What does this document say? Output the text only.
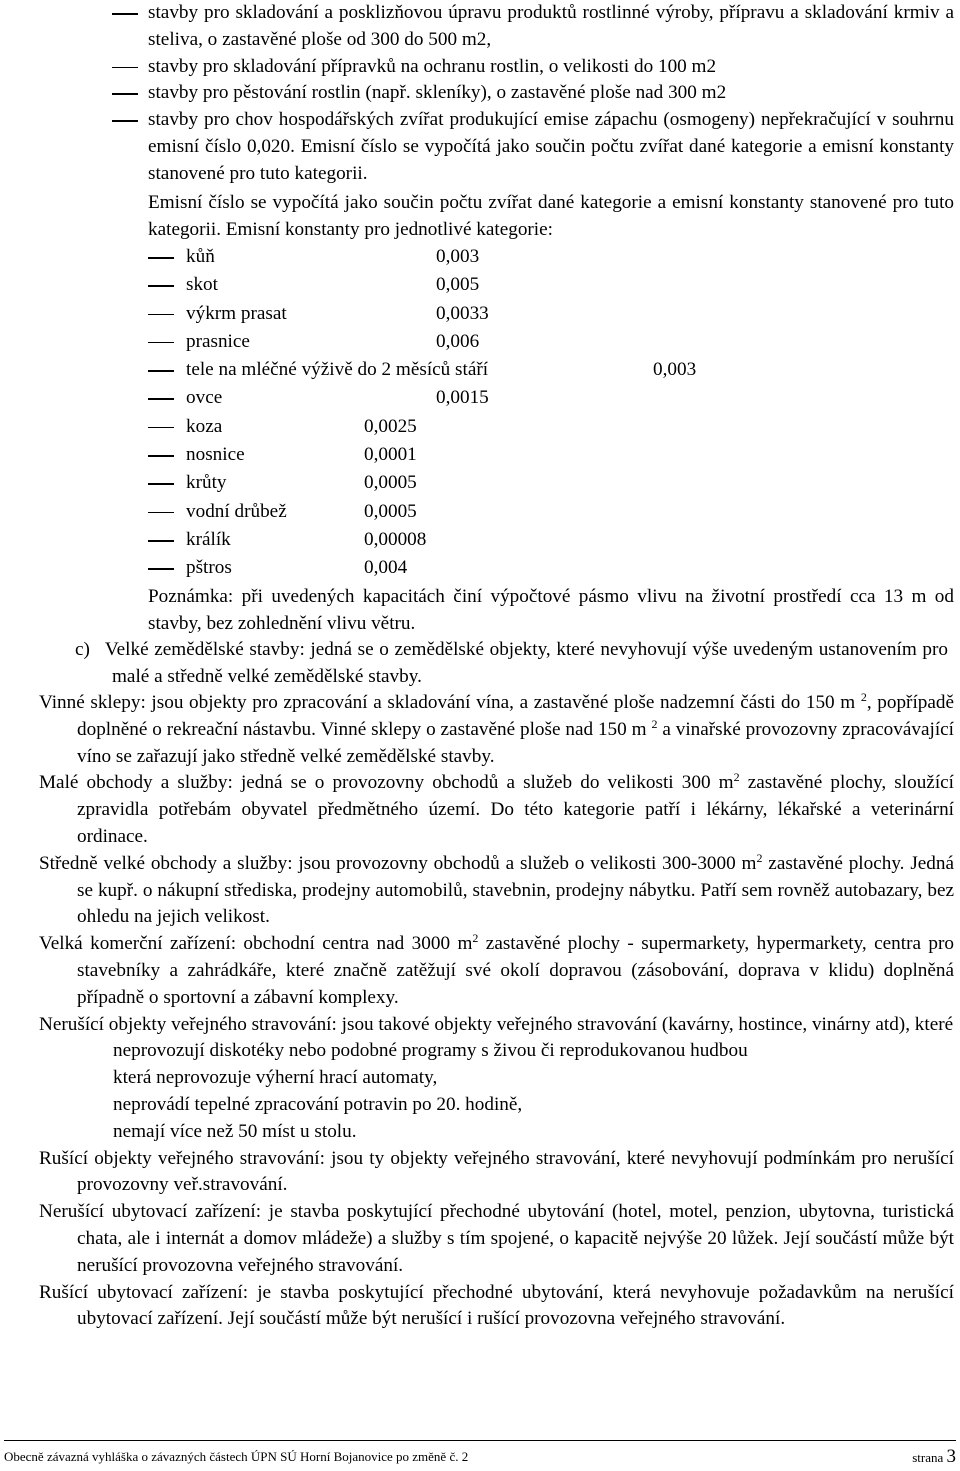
stavby pro skladování a posklizňovou úpravu produktů rostlinné výroby, přípravu a skladování krmiv a steliva, o zastavěné ploše od 300 do 500 m2,
stavby pro skladování přípravků na ochranu rostlin, o velikosti do 100 m2
stavby pro pěstování rostlin (např. skleníky), o zastavěné ploše nad 300 m2
stavby pro chov hospodářských zvířat produkující emise zápachu (osmogeny) nepřekračující v souhrnu emisní číslo 0,020. Emisní číslo se vypočítá jako součin počtu zvířat dané kategorie a emisní konstanty stanovené pro tuto kategorii.
Emisní číslo se vypočítá jako součin počtu zvířat dané kategorie a emisní konstanty stanovené pro tuto kategorii. Emisní konstanty pro jednotlivé kategorie:
kůň	0,003
skot	0,005
výkrm prasat	0,0033
prasnice	0,006
tele na mléčné výživě do 2 měsíců stáří	0,003
ovce	0,0015
koza	0,0025
nosnice	0,0001
krůty	0,0005
vodní drůbež	0,0005
králík	0,00008
pštros	0,004
Poznámka: při uvedených kapacitách činí výpočtové pásmo vlivu na životní prostředí cca 13 m od stavby, bez zohlednění vlivu větru.
c) Velké zemědělské stavby: jedná se o zemědělské objekty, které nevyhovují výše uvedeným ustanovením pro malé a středně velké zemědělské stavby.
Vinné sklepy: jsou objekty pro zpracování a skladování vína, a zastavěné ploše nadzemní části do 150 m $^2$, popřípadě doplněné o rekreační nástavbu. Vinné sklepy o zastavěné ploše nad 150 m $^2$ a vinařské provozovny zpracovávající víno se zařazují jako středně velké zemědělské stavby.
Malé obchody a služby: jedná se o provozovny obchodů a služeb do velikosti 300 $m^2$ zastavěné plochy, sloužící zpravidla potřebám obyvatel předmětného území. Do této kategorie patří i lékárny, lékařské a veterinární ordinace.
Středně velké obchody a služby: jsou provozovny obchodů a služeb o velikosti 300-3000 $m^2$ zastavěné plochy. Jedná se kupř. o nákupní střediska, prodejny automobilů, stavebnin, prodejny nábytku. Patří sem rovněž autobazary, bez ohledu na jejich velikost.
Velká komerční zařízení: obchodní centra nad 3000 $m^2$ zastavěné plochy - supermarkety, hypermarkety, centra pro stavebníky a zahrádkáře, které značně zatěžují své okolí dopravou (zásobování, doprava v klidu) doplněná případně o sportovní a zábavní komplexy.
Nerušící objekty veřejného stravování: jsou takové objekty veřejného stravování (kavárny, hostince, vinárny atd), které
neprovozují diskotéky nebo podobné programy s živou či reprodukovanou hudbou
která neprovozuje výherní hrací automaty,
neprovádí tepelné zpracování potravin po 20. hodině,
nemají více než 50 míst u stolu.
Rušící objekty veřejného stravování: jsou ty objekty veřejného stravování, které nevyhovují podmínkám pro nerušící provozovny veř.stravování.
Nerušící ubytovací zařízení: je stavba poskytující přechodné ubytování (hotel, motel, penzion, ubytovna, turistická chata, ale i internát a domov mládeže) a služby s tím spojené, o kapacitě nejvýše 20 lůžek. Její součástí může být nerušící provozovna veřejného stravování.
Rušící ubytovací zařízení: je stavba poskytující přechodné ubytování, která nevyhovuje požadavkům na nerušící ubytovací zařízení. Její součástí může být nerušící i rušící provozovna veřejného stravování.
Obecně závazná vyhláška o závazných částech ÚPN SÚ Horní Bojanovice po změně č. 2	strana 3
